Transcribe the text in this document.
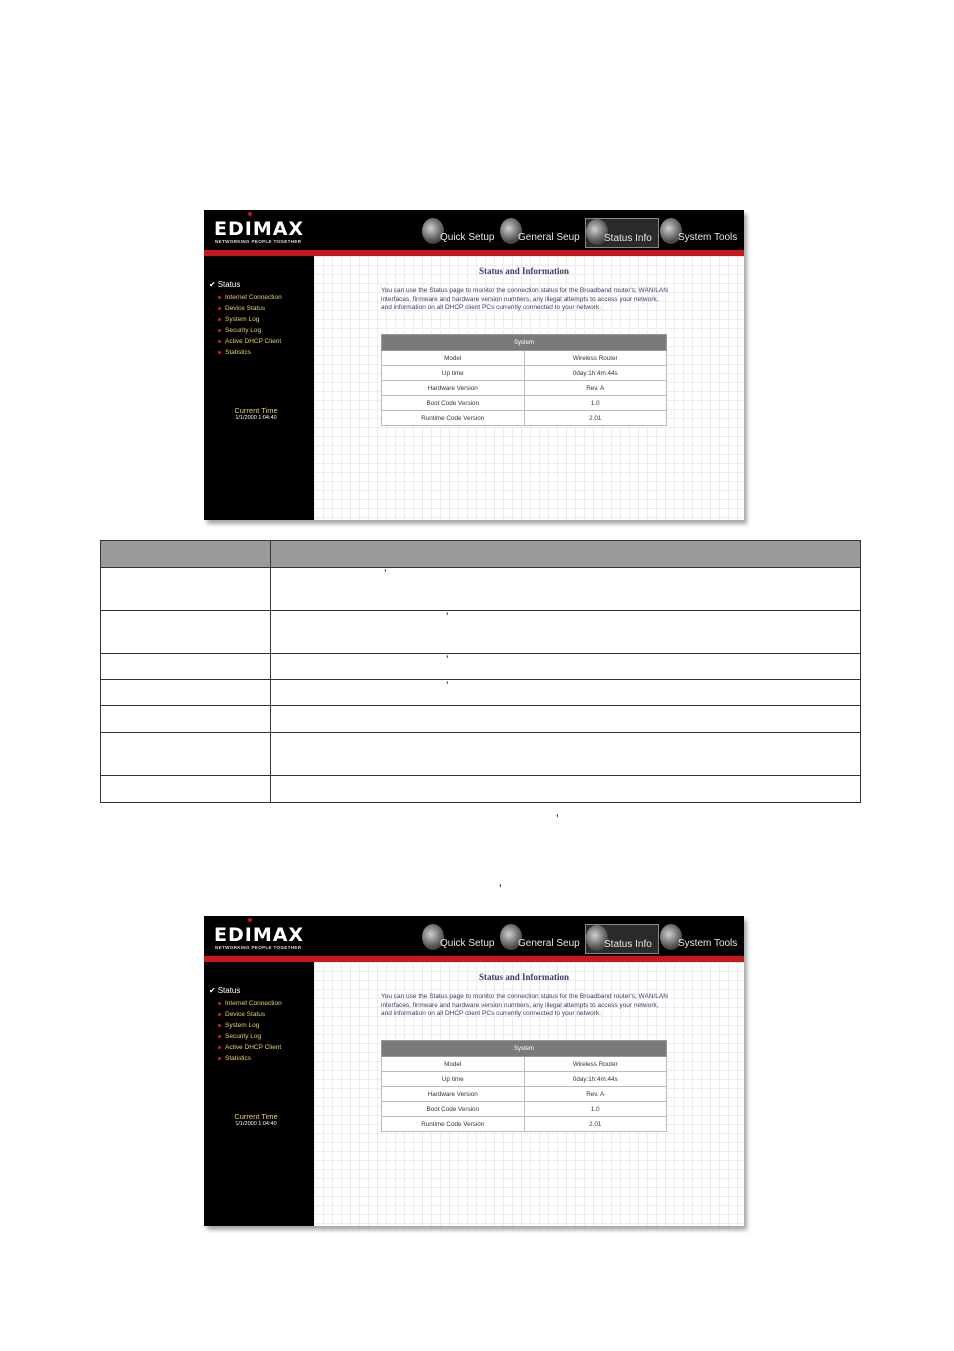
EDIMAX
NETWORKING PEOPLE TOGETHER	Quick Setup General Seup Status Info	System Tools
✔ Status
Internet Connection
Device Status
System Log
Security Log
Active DHCP Client
Statistics
Current Time
1/1/2000 1:04:40
Status and Information
You can use the Status page to monitor the connection status for the Broadband router's; WAN/LAN interfaces, firmware and hardware version numbers, any illegal attempts to access your network, and information on all DHCP client PCs currently connected to your network.
System	
Model	Wireless Router
Up time	0day:1h:4m:44s
Hardware Version	Rev. A
Boot Code Version	1.0
Runtime Code Version	2.01

	’
	’
	’
	’

’
’
EDIMAX
NETWORKING PEOPLE TOGETHER	Quick Setup General Seup Status Info	System Tools
✔ Status
Internet Connection
Device Status
System Log
Security Log
Active DHCP Client
Statistics
Current Time
1/1/2000 1:04:40
Status and Information
You can use the Status page to monitor the connection status for the Broadband router's; WAN/LAN interfaces, firmware and hardware version numbers, any illegal attempts to access your network, and information on all DHCP client PCs currently connected to your network.
System	
Model	Wireless Router
Up time	0day:1h:4m:44s
Hardware Version	Rev. A
Boot Code Version	1.0
Runtime Code Version	2.01
